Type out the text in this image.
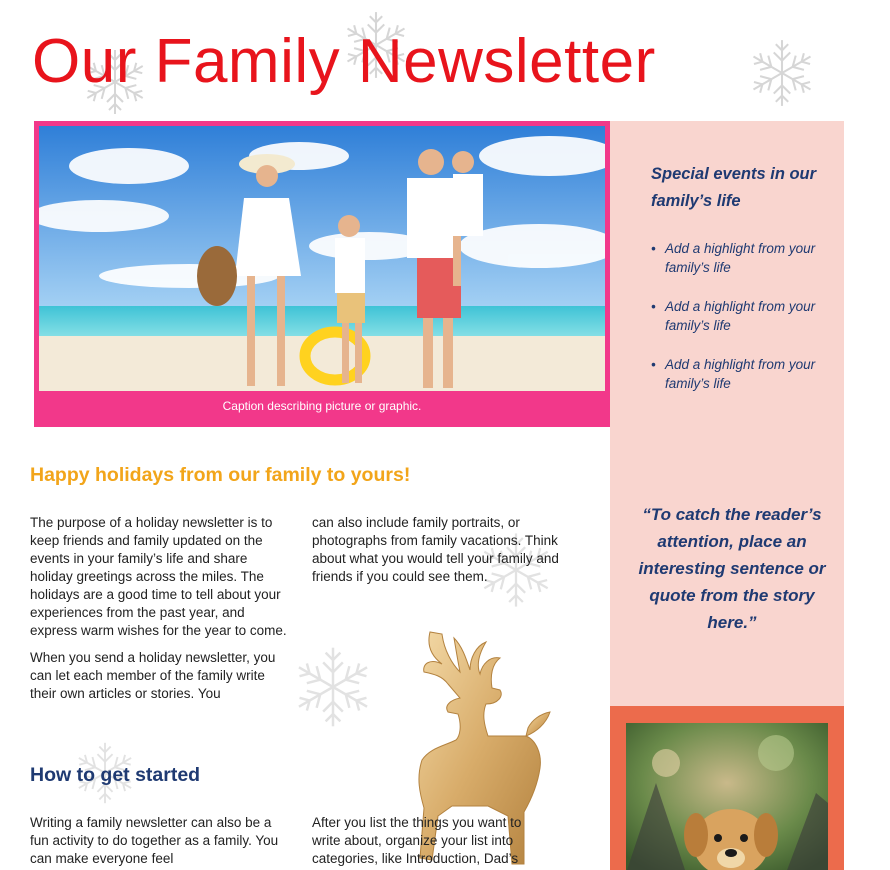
Our Family Newsletter
Caption describing picture or graphic.
Special events in our family’s life
• Add a highlight from your family’s life
• Add a highlight from your family’s life
• Add a highlight from your family’s life
“To catch the reader’s attention, place an interesting sentence or quote from the story here.”
Happy holidays from our family to yours!

The purpose of a holiday newsletter is to keep friends and family updated on the events in your family’s life and share holiday greetings across the miles. The holidays are a good time to tell about your experiences from the past year, and express warm wishes for the year to come.

When you send a holiday newsletter, you can let each member of the family write their own articles or stories. You

can also include family portraits, or photographs from family vacations. Think about what you would tell your family and friends if you could see them.

How to get started

Writing a family newsletter can also be a fun activity to do together as a family. You can make everyone feel

After you list the things you want to write about, organize your list into categories, like Introduction, Dad’s
